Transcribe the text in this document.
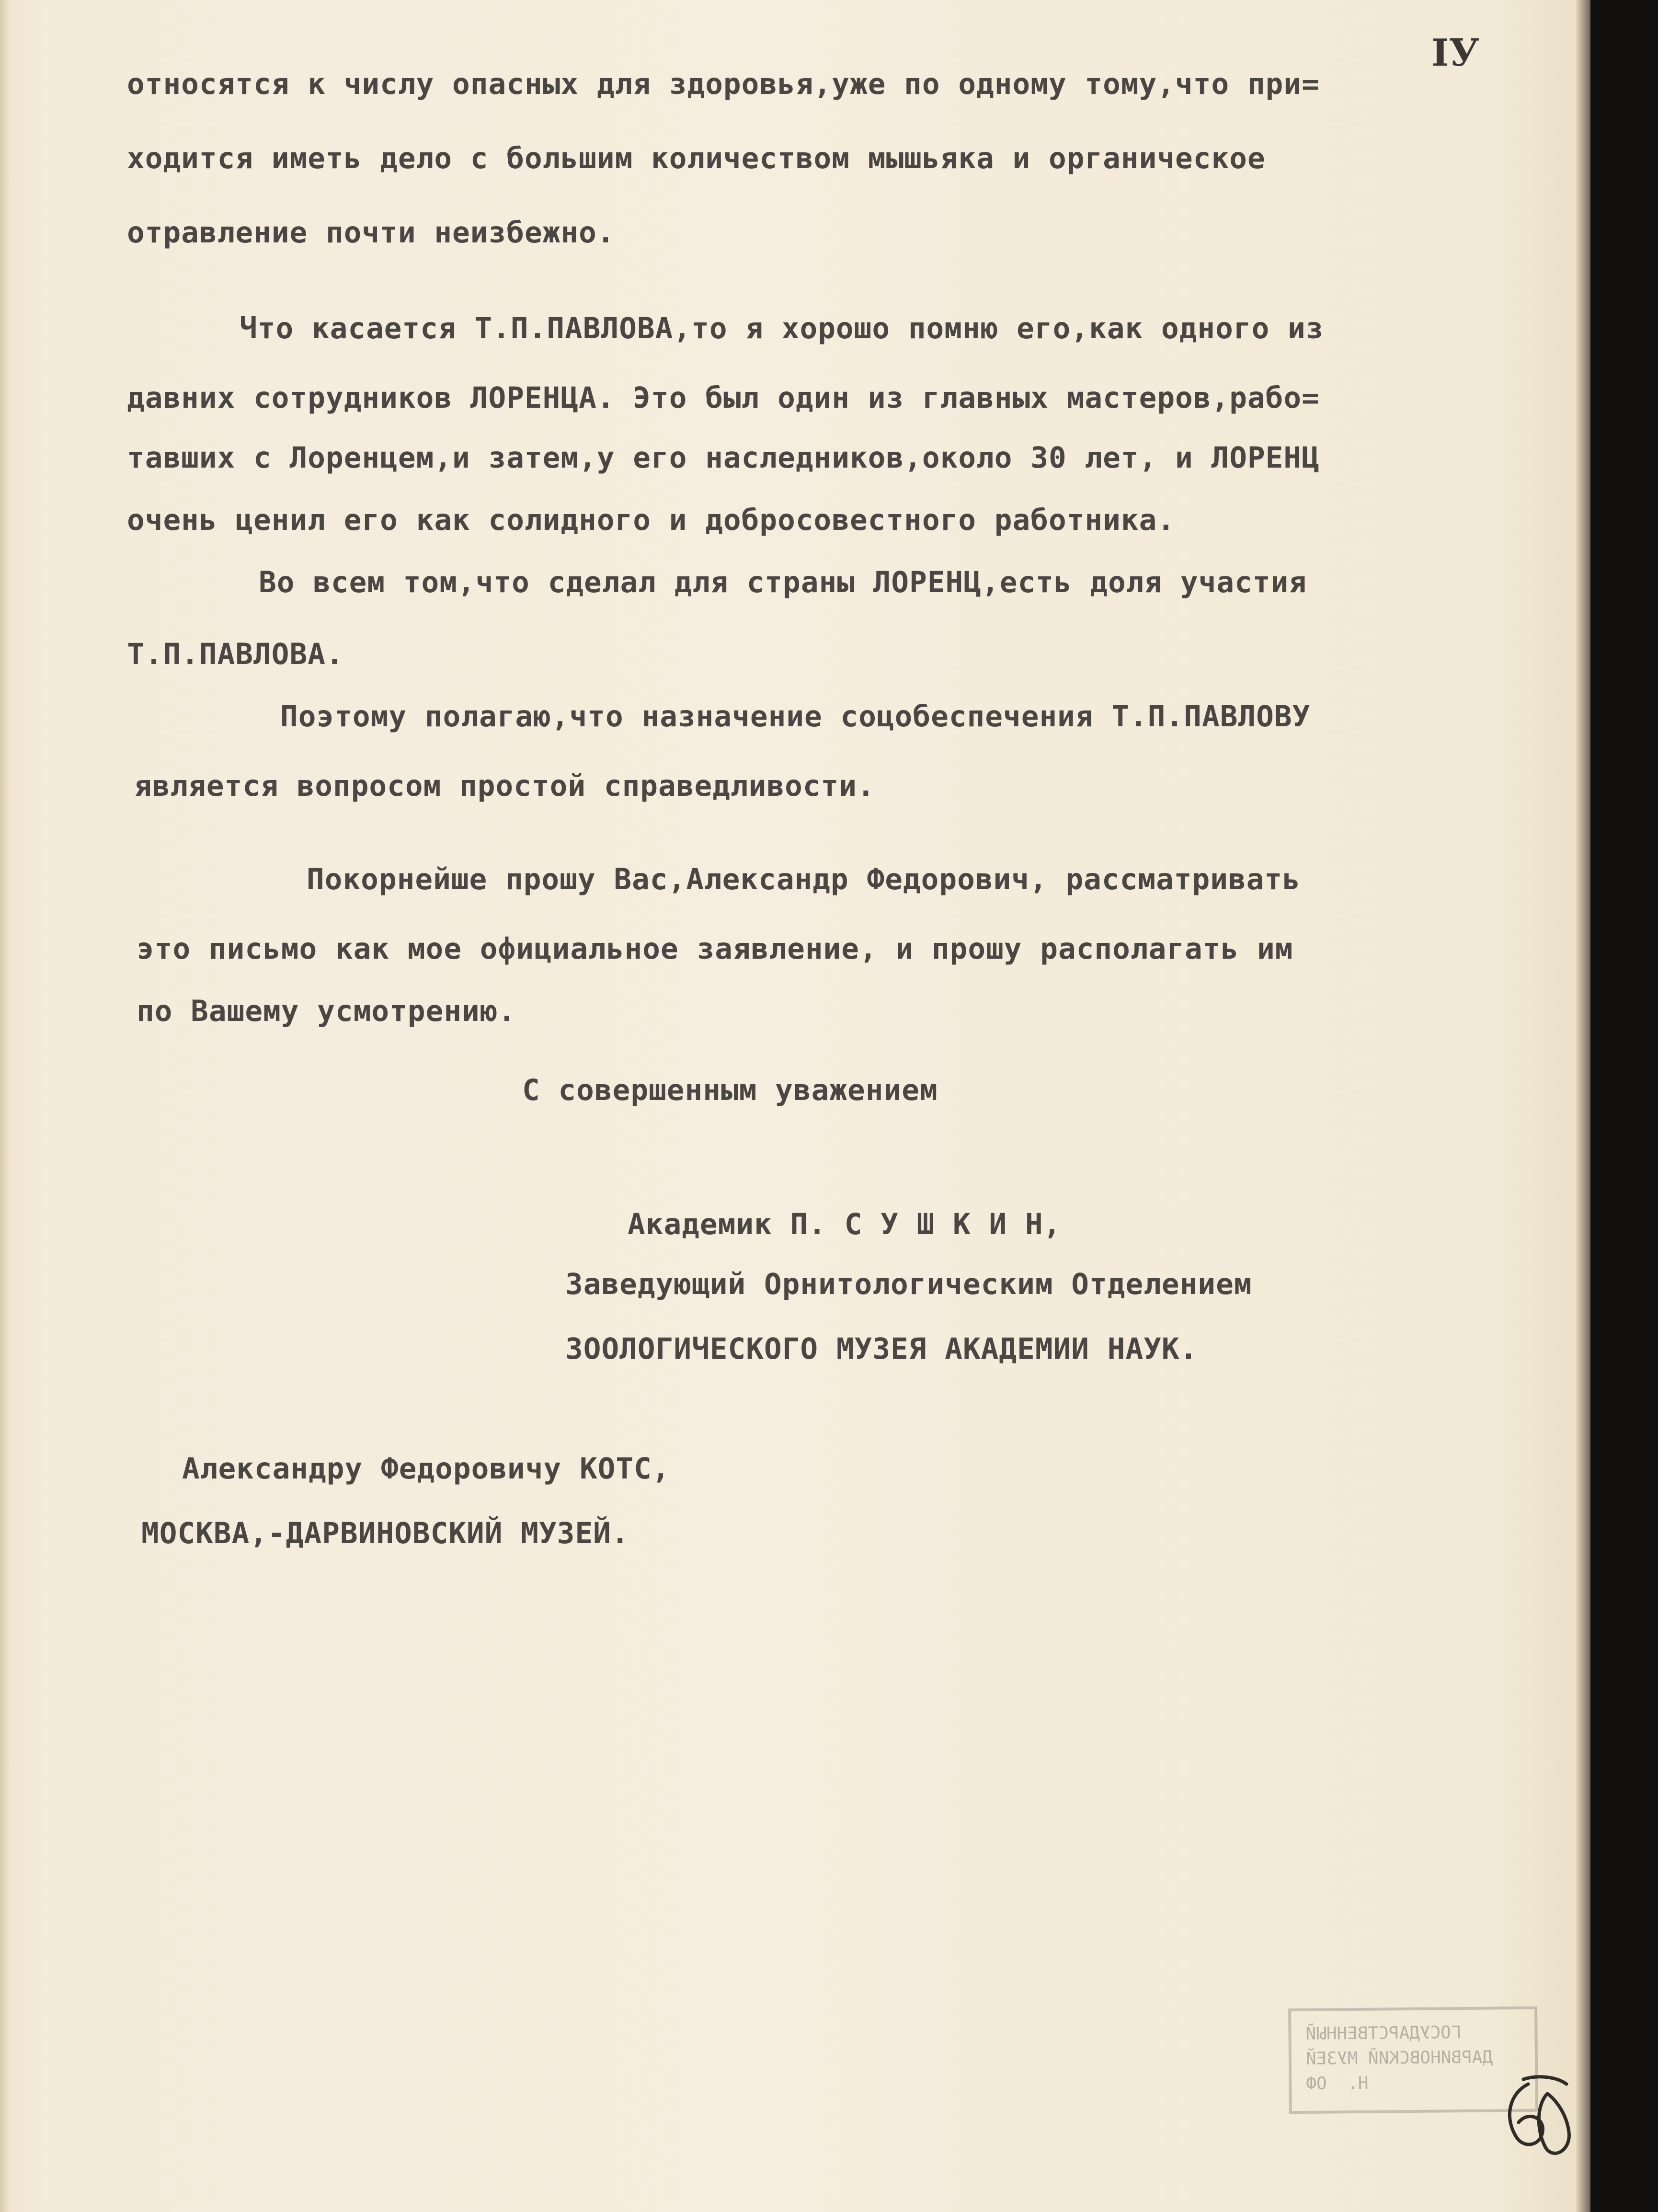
IУ
относятся к числу опасных для здоровья,уже по одному тому,что при=
ходится иметь дело с большим количеством мышьяка и органическое
отравление почти неизбежно.
Что касается Т.П.ПАВЛОВА,то я хорошо помню его,как одного из
давних сотрудников ЛОРЕНЦА. Это был один из главных мастеров,рабо=
тавших с Лоренцем,и затем,у его наследников,около 30 лет, и ЛОРЕНЦ
очень ценил его как солидного и добросовестного работника.
Во всем том,что сделал для страны ЛОРЕНЦ,есть доля участия
Т.П.ПАВЛОВА.
Поэтому полагаю,что назначение соцобеспечения Т.П.ПАВЛОВУ
является вопросом простой справедливости.
Покорнейше прошу Вас,Александр Федорович, рассматривать
это письмо как мое официальное заявление, и прошу располагать им
по Вашему усмотрению.
С совершенным уважением
Академик П. С У Ш К И Н,
Заведующий Орнитологическим Отделением
ЗООЛОГИЧЕСКОГО МУЗЕЯ АКАДЕМИИ НАУК.
Александру Федоровичу КОТС,
МОСКВА,-ДАРВИНОВСКИЙ МУЗЕЙ.
ГОСУДАРСТВЕННЫЙ
ДАРВИНОВСКИЙ МУЗЕЙ
Н.  ОФ
